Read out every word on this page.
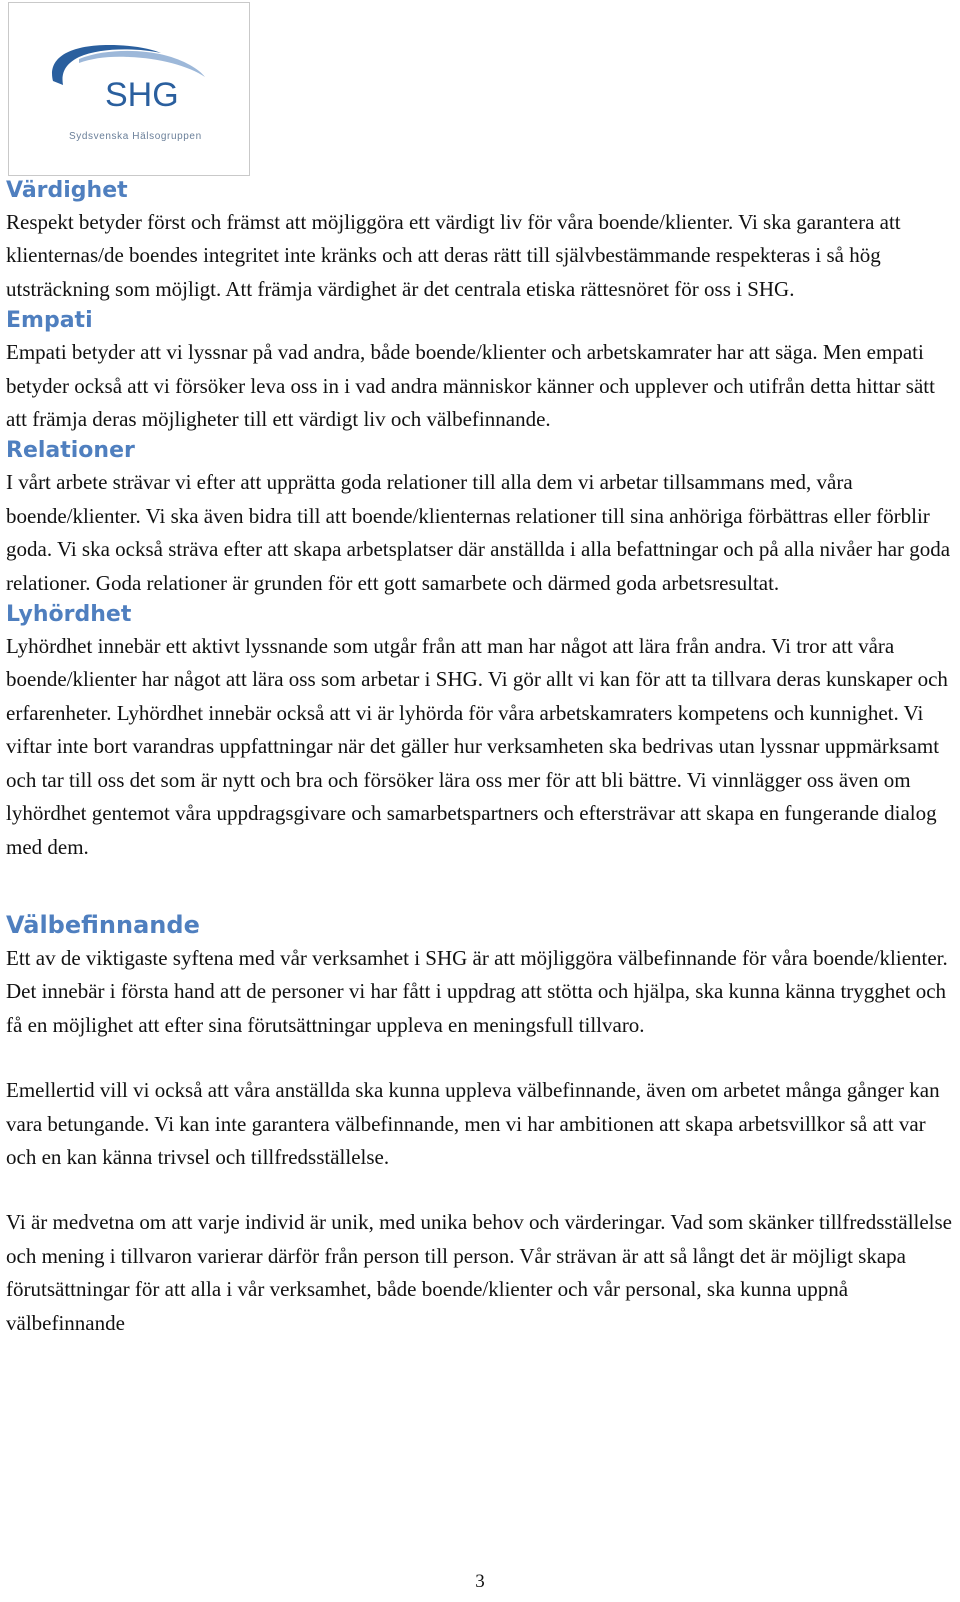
SHG
Sydsvenska Hälsogruppen
Värdighet

Respekt betyder först och främst att möjliggöra ett värdigt liv för våra boende/klienter. Vi ska garantera att klienternas/de boendes integritet inte kränks och att deras rätt till självbestämmande respekteras i så hög utsträckning som möjligt. Att främja värdighet är det centrala etiska rättesnöret för oss i SHG.

Empati

Empati betyder att vi lyssnar på vad andra, både boende/klienter och arbetskamrater har att säga. Men empati betyder också att vi försöker leva oss in i vad andra människor känner och upplever och utifrån detta hittar sätt att främja deras möjligheter till ett värdigt liv och välbefinnande.

Relationer

I vårt arbete strävar vi efter att upprätta goda relationer till alla dem vi arbetar tillsammans med, våra boende/klienter. Vi ska även bidra till att boende/klienternas relationer till sina anhöriga förbättras eller förblir goda. Vi ska också sträva efter att skapa arbetsplatser där anställda i alla befattningar och på alla nivåer har goda relationer. Goda relationer är grunden för ett gott samarbete och därmed goda arbetsresultat.

Lyhördhet

Lyhördhet innebär ett aktivt lyssnande som utgår från att man har något att lära från andra. Vi tror att våra boende/klienter har något att lära oss som arbetar i SHG. Vi gör allt vi kan för att ta tillvara deras kunskaper och erfarenheter. Lyhördhet innebär också att vi är lyhörda för våra arbetskamraters kompetens och kunnighet. Vi viftar inte bort varandras uppfattningar när det gäller hur verksamheten ska bedrivas utan lyssnar uppmärksamt och tar till oss det som är nytt och bra och försöker lära oss mer för att bli bättre. Vi vinnlägger oss även om lyhördhet gentemot våra uppdragsgivare och samarbetspartners och eftersträvar att skapa en fungerande dialog med dem.

Välbefinnande

Ett av de viktigaste syftena med vår verksamhet i SHG är att möjliggöra välbefinnande för våra boende/klienter. Det innebär i första hand att de personer vi har fått i uppdrag att stötta och hjälpa, ska kunna känna trygghet och få en möjlighet att efter sina förutsättningar uppleva en meningsfull tillvaro.

Emellertid vill vi också att våra anställda ska kunna uppleva välbefinnande, även om arbetet många gånger kan vara betungande. Vi kan inte garantera välbefinnande, men vi har ambitionen att skapa arbetsvillkor så att var och en kan känna trivsel och tillfredsställelse.

Vi är medvetna om att varje individ är unik, med unika behov och värderingar. Vad som skänker tillfredsställelse och mening i tillvaron varierar därför från person till person. Vår strävan är att så långt det är möjligt skapa förutsättningar för att alla i vår verksamhet, både boende/klienter och vår personal, ska kunna uppnå välbefinnande

3
